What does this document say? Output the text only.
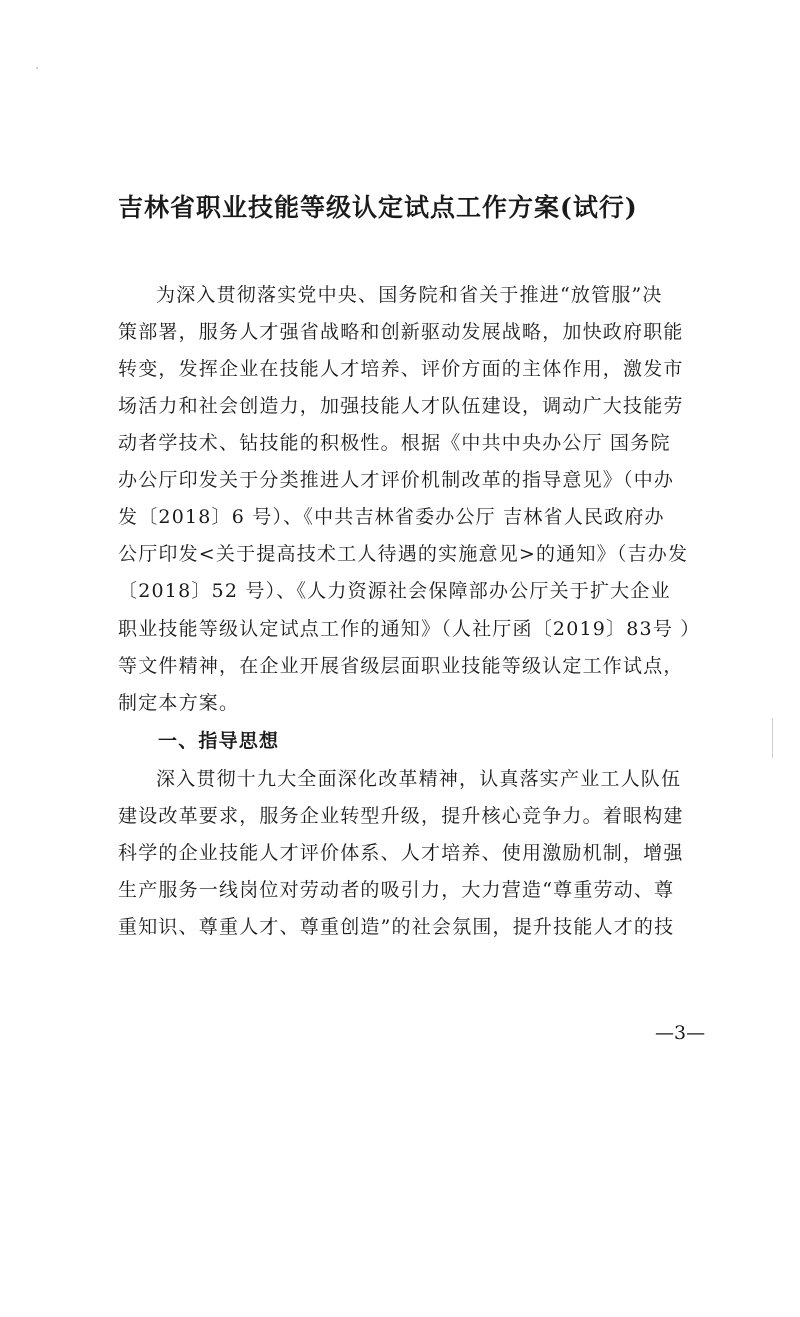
吉林省职业技能等级认定试点工作方案(试行)
为深入贯彻落实党中央、国务院和省关于推进“放管服”决
策部署，服务人才强省战略和创新驱动发展战略，加快政府职能
转变，发挥企业在技能人才培养、评价方面的主体作用，激发市
场活力和社会创造力，加强技能人才队伍建设，调动广大技能劳
动者学技术、钻技能的积极性。根据《中共中央办公厅 国务院
办公厅印发关于分类推进人才评价机制改革的指导意见》（中办
发〔2018〕6 号）、《中共吉林省委办公厅 吉林省人民政府办
公厅印发<关于提高技术工人待遇的实施意见>的通知》（吉办发
〔2018〕52 号）、《人力资源社会保障部办公厅关于扩大企业
职业技能等级认定试点工作的通知》（人社厅函〔2019〕83号 ）
等文件精神，在企业开展省级层面职业技能等级认定工作试点，
制定本方案。
一、指导思想
深入贯彻十九大全面深化改革精神，认真落实产业工人队伍
建设改革要求，服务企业转型升级，提升核心竞争力。着眼构建
科学的企业技能人才评价体系、人才培养、使用激励机制，增强
生产服务一线岗位对劳动者的吸引力，大力营造“尊重劳动、尊
重知识、尊重人才、尊重创造”的社会氛围，提升技能人才的技
—3—
